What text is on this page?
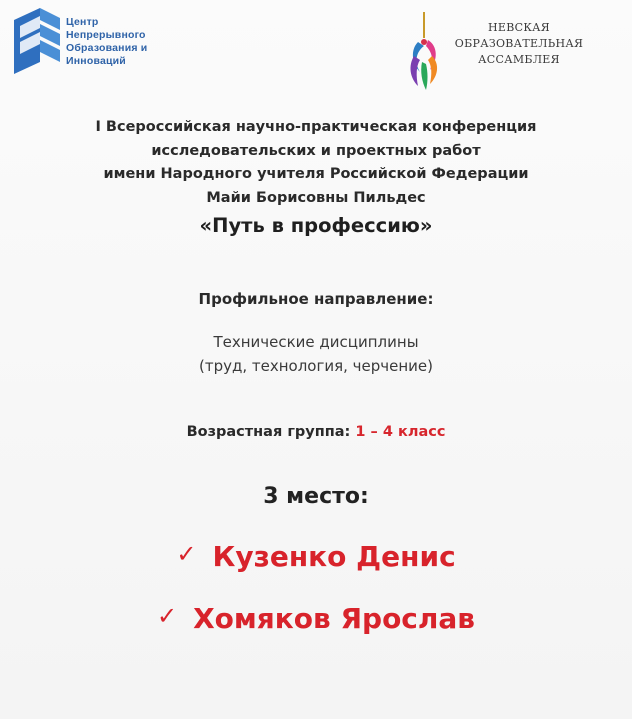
Центр
Непрерывного
Образования и
Инноваций
НЕВСКАЯ
ОБРАЗОВАТЕЛЬНАЯ
АССАМБЛЕЯ
I Всероссийская научно-практическая конференция
исследовательских и проектных работ
имени Народного учителя Российской Федерации
Майи Борисовны Пильдес
«Путь в профессию»
Профильное направление:
Технические дисциплины
(труд, технология, черчение)
Возрастная группа: 1 – 4 класс
3 место:
✓ Кузенко Денис
✓ Хомяков Ярослав
